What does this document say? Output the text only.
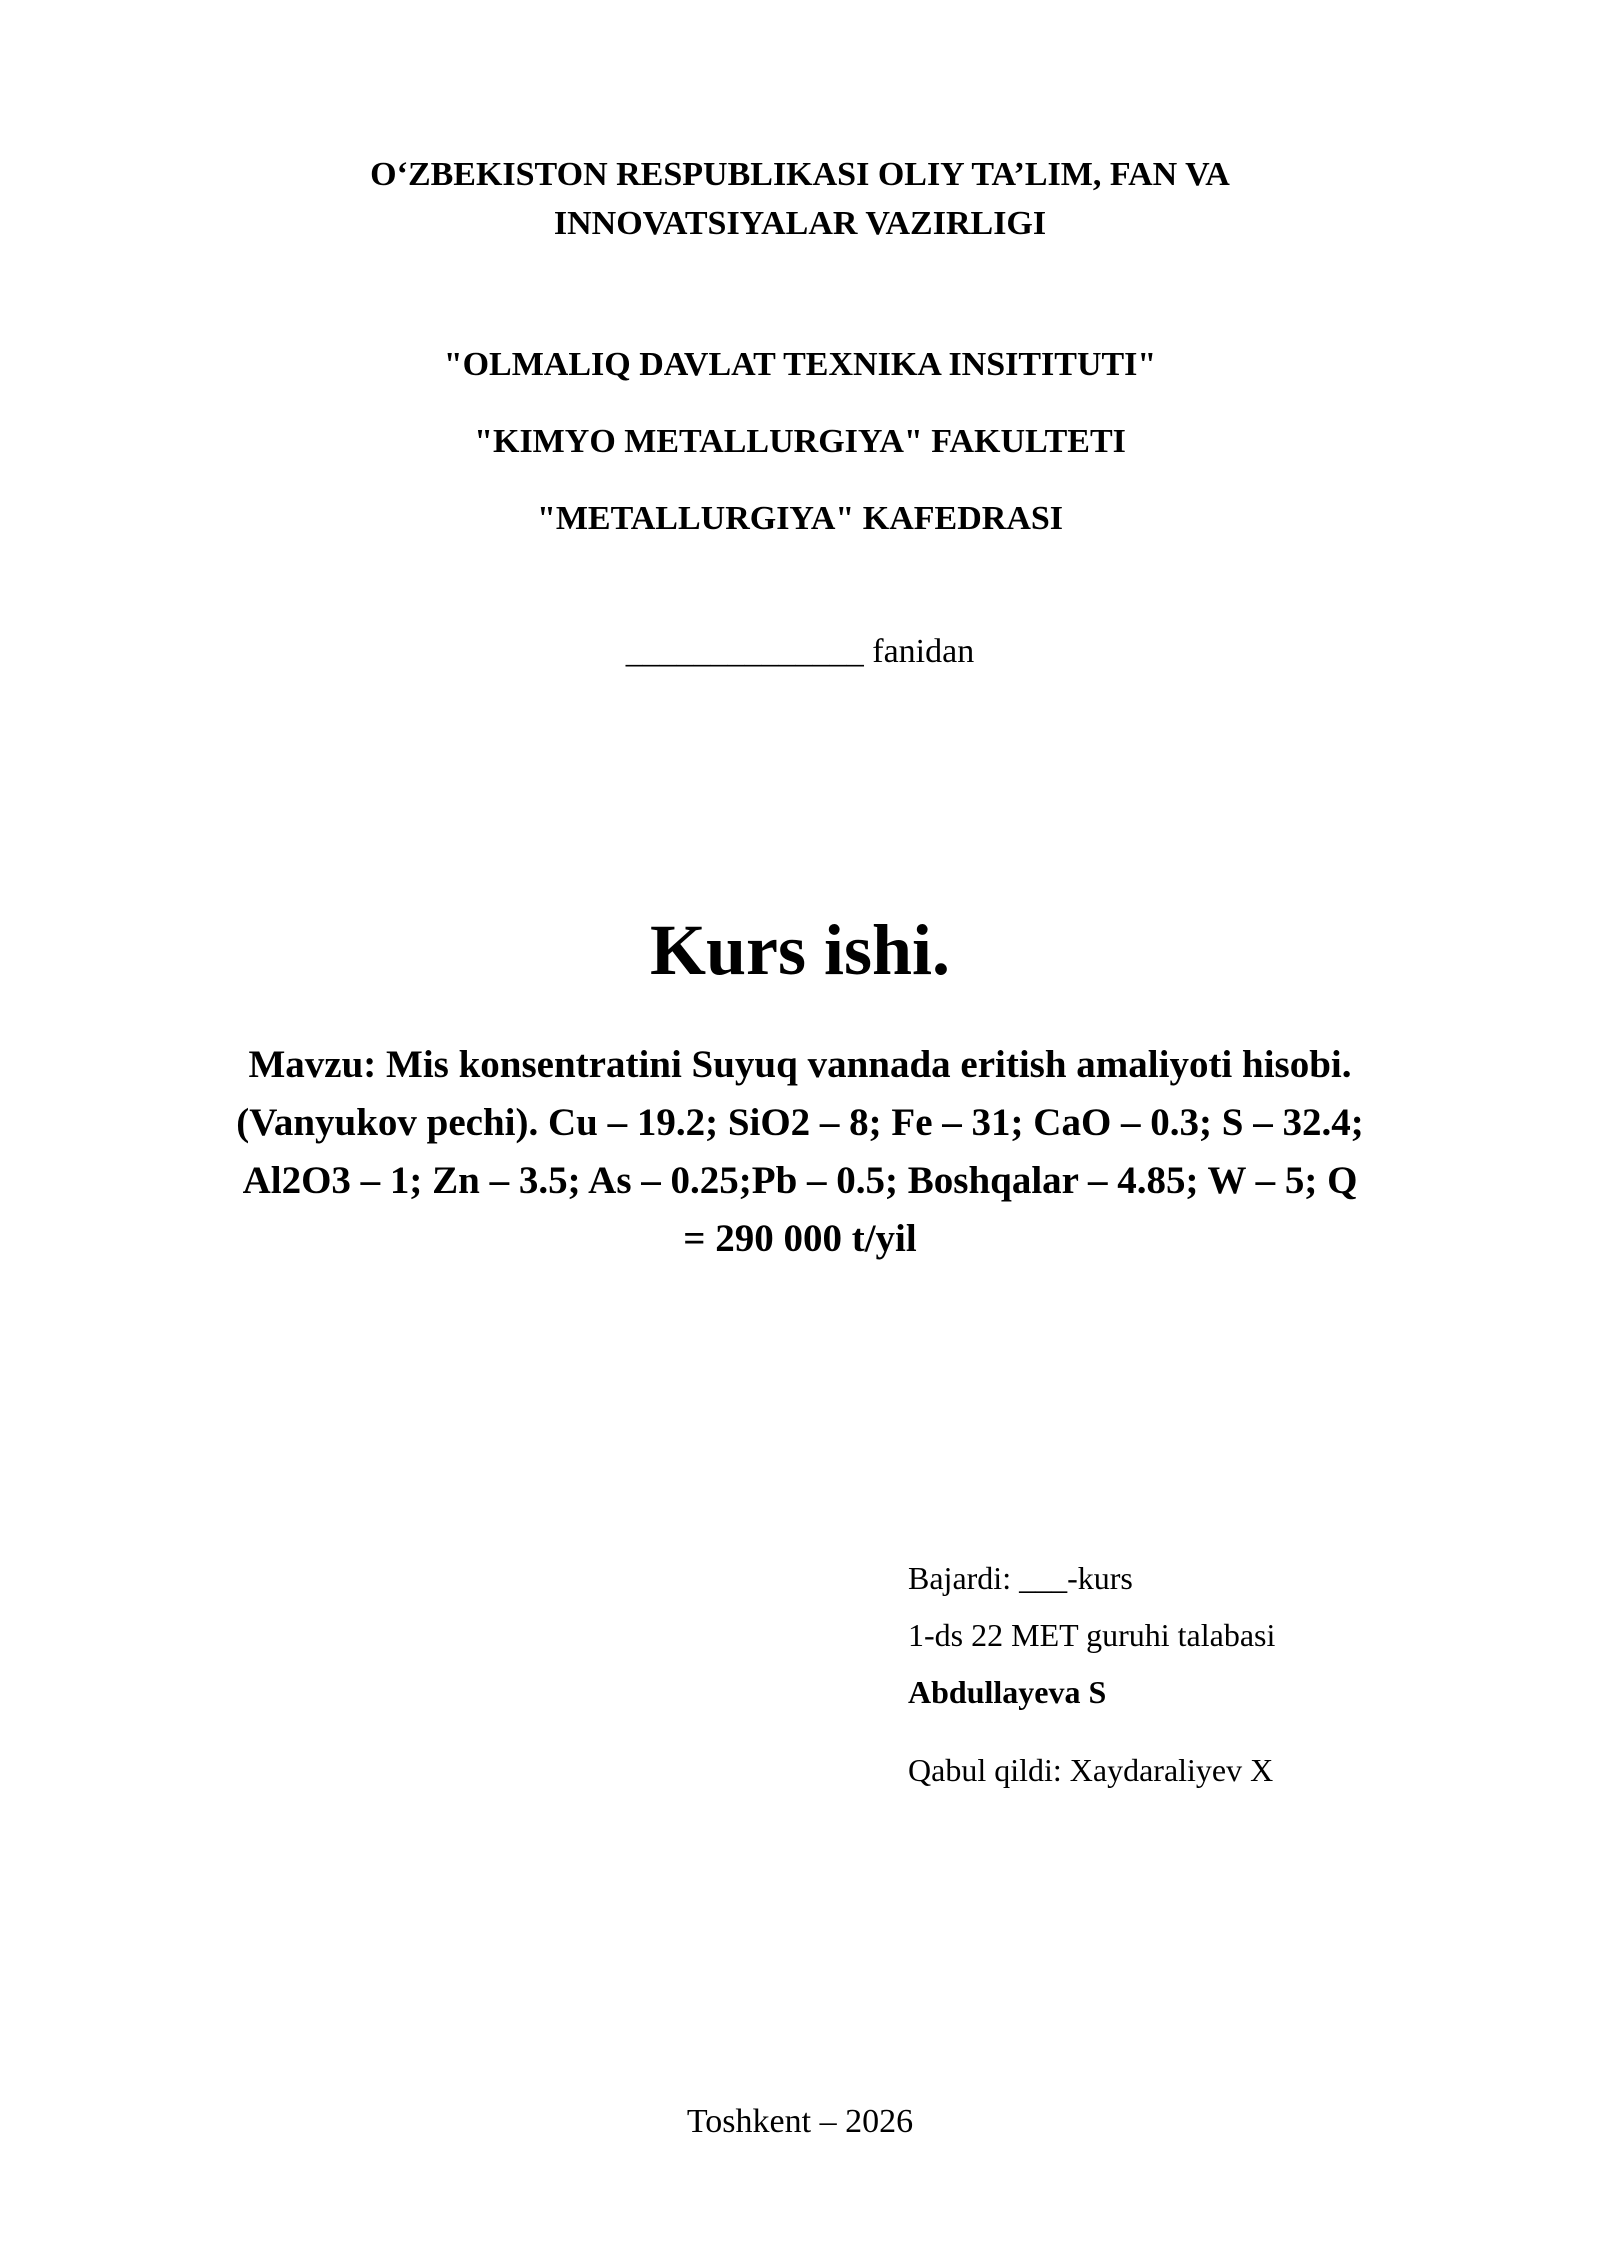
O‘ZBEKISTON RESPUBLIKASI OLIY TA’LIM, FAN VA
INNOVATSIYALAR VAZIRLIGI
"OLMALIQ DAVLAT TEXNIKA INSITITUTI"
"KIMYO METALLURGIYA" FAKULTETI
"METALLURGIYA" KAFEDRASI
______________ fanidan
Kurs ishi.
Mavzu: Mis konsentratini Suyuq vannada eritish amaliyoti hisobi.
(Vanyukov pechi). Cu – 19.2; SiO2 – 8; Fe – 31; CaO – 0.3; S – 32.4;
Al2O3 – 1; Zn – 3.5; As – 0.25;Pb – 0.5; Boshqalar – 4.85; W – 5; Q
= 290 000 t/yil
Bajardi: ___-kurs
1-ds 22 MET guruhi talabasi
Abdullayeva S
Qabul qildi: Xaydaraliyev X
Toshkent – 2026
